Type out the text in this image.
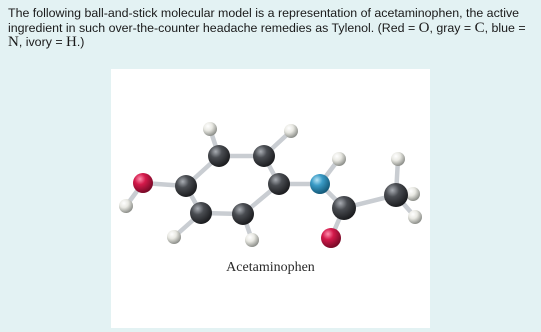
The following ball-and-stick molecular model is a representation of acetaminophen, the active ingredient in such over-the-counter headache remedies as Tylenol. (Red = O, gray = C, blue = N, ivory = H.)
Acetaminophen
